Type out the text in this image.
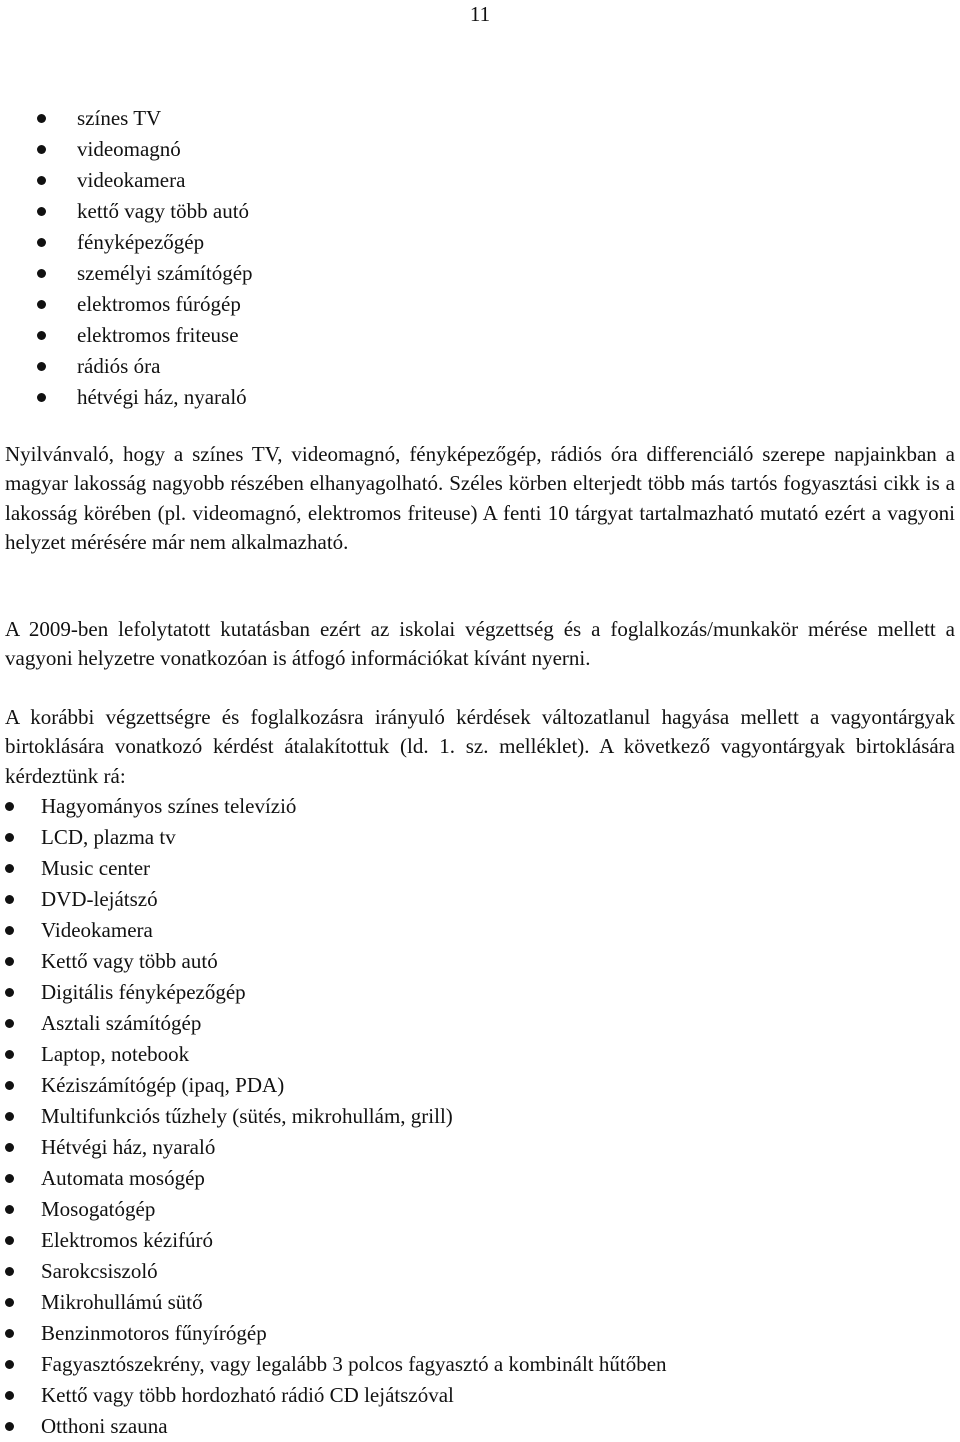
11
színes TV
videomagnó
videokamera
kettő vagy több autó
fényképezőgép
személyi számítógép
elektromos fúrógép
elektromos friteuse
rádiós óra
hétvégi ház, nyaraló

Nyilvánvaló, hogy a színes TV, videomagnó, fényképezőgép, rádiós óra differenciáló szerepe napjainkban a magyar lakosság nagyobb részében elhanyagolható. Széles körben elterjedt több más tartós fogyasztási cikk is a lakosság körében (pl. videomagnó, elektromos friteuse) A fenti 10 tárgyat tartalmazható mutató ezért a vagyoni helyzet mérésére már nem alkalmazható.

A 2009-ben lefolytatott kutatásban ezért az iskolai végzettség és a foglalkozás/munkakör mérése mellett a vagyoni helyzetre vonatkozóan is átfogó információkat kívánt nyerni.

A korábbi végzettségre és foglalkozásra irányuló kérdések változatlanul hagyása mellett a vagyontárgyak birtoklására vonatkozó kérdést átalakítottuk (ld. 1. sz. melléklet). A következő vagyontárgyak birtoklására kérdeztünk rá:

Hagyományos színes televízió
LCD, plazma tv
Music center
DVD-lejátszó
Videokamera
Kettő vagy több autó
Digitális fényképezőgép
Asztali számítógép
Laptop, notebook
Kéziszámítógép (ipaq, PDA)
Multifunkciós tűzhely (sütés, mikrohullám, grill)
Hétvégi ház, nyaraló
Automata mosógép
Mosogatógép
Elektromos kézifúró
Sarokcsiszoló
Mikrohullámú sütő
Benzinmotoros fűnyírógép
Fagyasztószekrény, vagy legalább 3 polcos fagyasztó a kombinált hűtőben
Kettő vagy több hordozható rádió CD lejátszóval
Otthoni szauna
